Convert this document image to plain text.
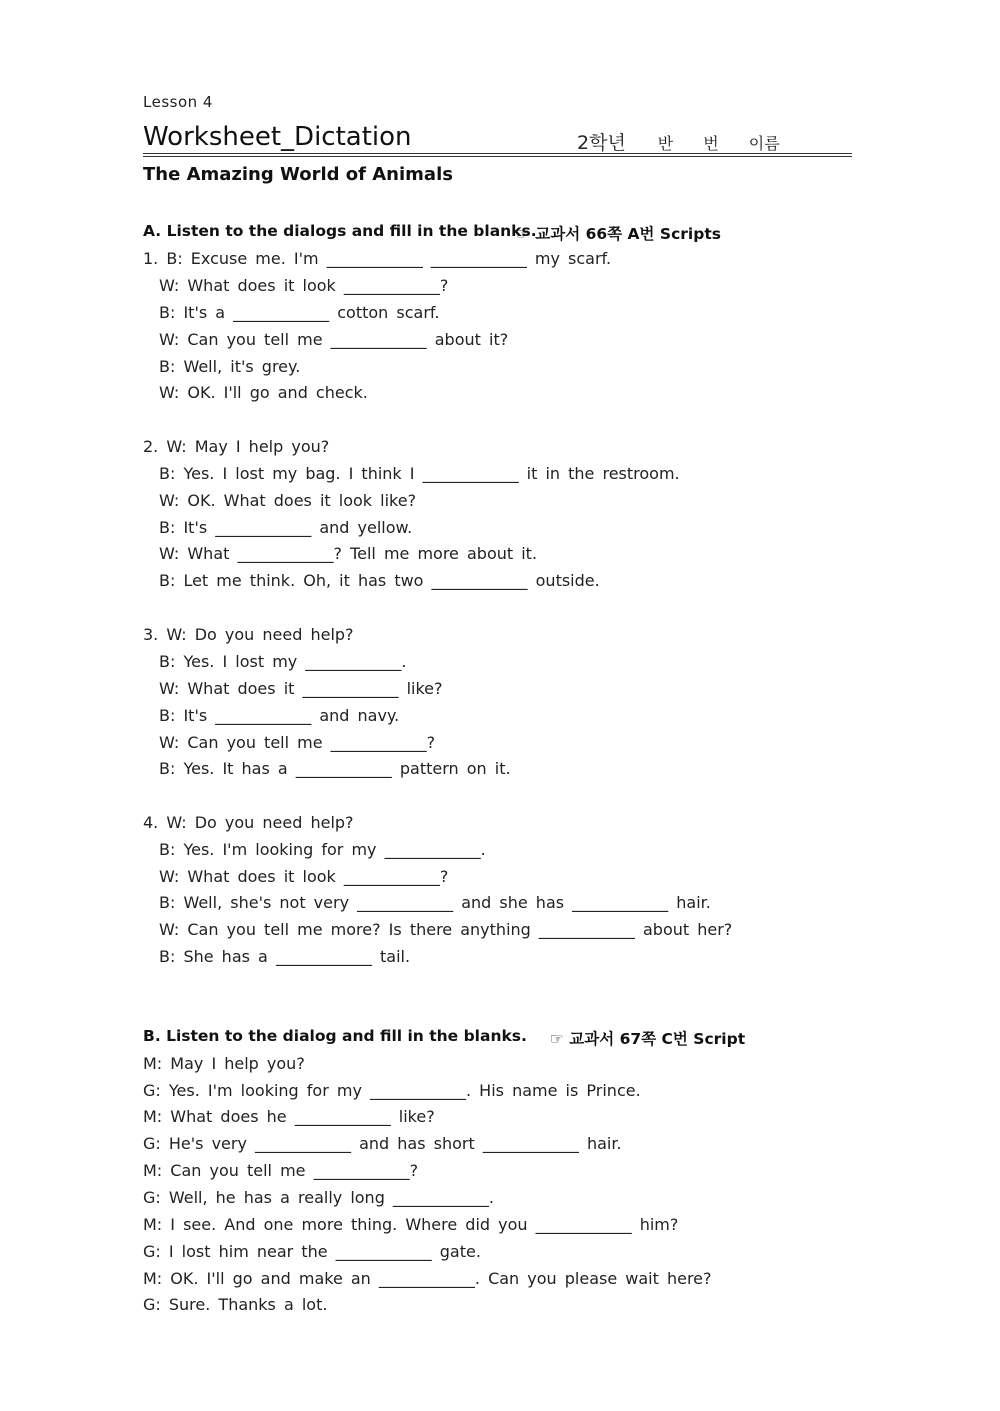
Lesson 4
Worksheet_Dictation	2학년 반 번 이름
The Amazing World of Animals
A. Listen to the dialogs and fill in the blanks.
☞ 교과서 66쪽 A번 Scripts
1. B: Excuse me. I'm ____________ ____________ my scarf.
W: What does it look ____________?
B: It's a ____________ cotton scarf.
W: Can you tell me ____________ about it?
B: Well, it's grey.
W: OK. I'll go and check.
2. W: May I help you?
B: Yes. I lost my bag. I think I ____________ it in the restroom.
W: OK. What does it look like?
B: It's ____________ and yellow.
W: What ____________? Tell me more about it.
B: Let me think. Oh, it has two ____________ outside.
3. W: Do you need help?
B: Yes. I lost my ____________.
W: What does it ____________ like?
B: It's ____________ and navy.
W: Can you tell me ____________?
B: Yes. It has a ____________ pattern on it.
4. W: Do you need help?
B: Yes. I'm looking for my ____________.
W: What does it look ____________?
B: Well, she's not very ____________ and she has ____________ hair.
W: Can you tell me more? Is there anything ____________ about her?
B: She has a ____________ tail.
B. Listen to the dialog and fill in the blanks. ☞ 교과서 67쪽 C번 Script
M: May I help you?
G: Yes. I'm looking for my ____________. His name is Prince.
M: What does he ____________ like?
G: He's very ____________ and has short ____________ hair.
M: Can you tell me ____________?
G: Well, he has a really long ____________.
M: I see. And one more thing. Where did you ____________ him?
G: I lost him near the ____________ gate.
M: OK. I'll go and make an ____________. Can you please wait here?
G: Sure. Thanks a lot.
